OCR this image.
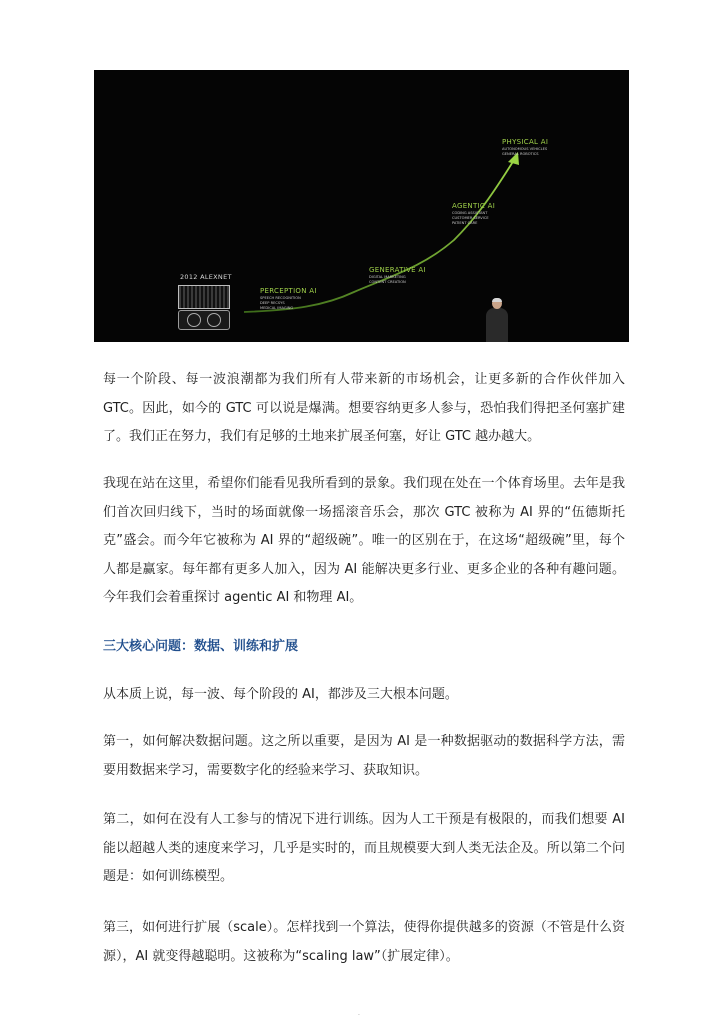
2012 ALEXNET
PERCEPTION AI
SPEECH RECOGNITION
DEEP RECSYS
MEDICAL IMAGING
GENERATIVE AI
DIGITAL MARKETING
CONTENT CREATION
AGENTIC AI
CODING ASSISTANT
CUSTOMER SERVICE
PATIENT CARE
PHYSICAL AI
AUTONOMOUS VEHICLES
GENERAL ROBOTICS

每一个阶段、每一波浪潮都为我们所有人带来新的市场机会，让更多新的合作伙伴加入 GTC。因此，如今的 GTC 可以说是爆满。想要容纳更多人参与，恐怕我们得把圣何塞扩建了。我们正在努力，我们有足够的土地来扩展圣何塞，好让 GTC 越办越大。

我现在站在这里，希望你们能看见我所看到的景象。我们现在处在一个体育场里。去年是我们首次回归线下，当时的场面就像一场摇滚音乐会，那次 GTC 被称为 AI 界的“伍德斯托克”盛会。而今年它被称为 AI 界的“超级碗”。唯一的区别在于，在这场“超级碗”里，每个人都是赢家。每年都有更多人加入，因为 AI 能解决更多行业、更多企业的各种有趣问题。今年我们会着重探讨 agentic AI 和物理 AI。

三大核心问题：数据、训练和扩展

从本质上说，每一波、每个阶段的 AI，都涉及三大根本问题。

第一，如何解决数据问题。这之所以重要，是因为 AI 是一种数据驱动的数据科学方法，需要用数据来学习，需要数字化的经验来学习、获取知识。

第二，如何在没有人工参与的情况下进行训练。因为人工干预是有极限的，而我们想要 AI 能以超越人类的速度来学习，几乎是实时的，而且规模要大到人类无法企及。所以第二个问题是：如何训练模型。

第三，如何进行扩展（scale）。怎样找到一个算法，使得你提供越多的资源（不管是什么资源），AI 就变得越聪明。这被称为“scaling law”（扩展定律）。

-
